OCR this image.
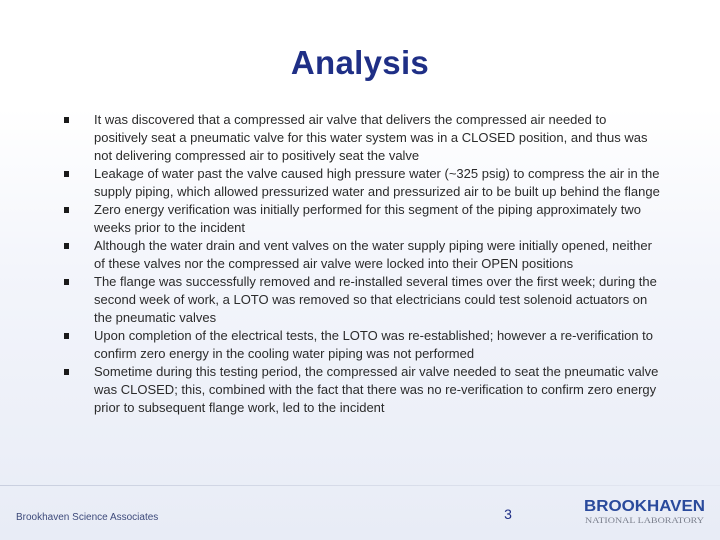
Analysis
It was discovered that a compressed air valve that delivers the compressed air needed to positively seat a pneumatic valve for this water system was in a CLOSED position, and thus was not delivering compressed air to positively seat the valve
Leakage of water past the valve caused high pressure water (~325 psig) to compress the air in the supply piping, which allowed pressurized water and pressurized air to be built up behind the flange
Zero energy verification was initially performed for this segment of the piping approximately two weeks prior to the incident
Although the water drain and vent valves on the water supply piping were initially opened, neither of these valves nor the compressed air valve were locked into their OPEN positions
The flange was successfully removed and re-installed several times over the first week; during the second week of work, a LOTO was removed so that electricians could test solenoid actuators on the pneumatic valves
Upon completion of the electrical tests, the LOTO was re-established; however a re-verification to confirm zero energy in the cooling water piping was not performed
Sometime during this testing period, the compressed air valve needed to seat the pneumatic valve was CLOSED; this, combined with the fact that there was no re-verification to confirm zero energy prior to subsequent flange work, led to the incident
Brookhaven Science Associates	3	BROOKHAVEN
NATIONAL LABORATORY
